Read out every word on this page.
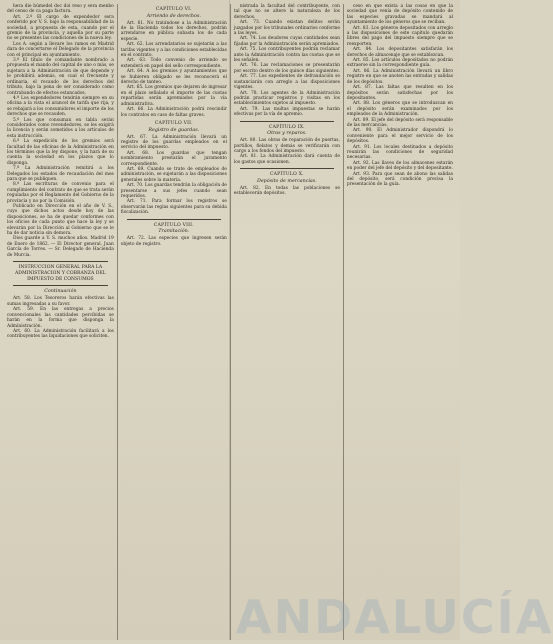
hera die búmedel doc doi reso y sera menbo del censo de ca paga factura.

Art. 2.º El cargo de expendedor sera conferido por V. S. bajo la responsabilidad de la sociedad, a propuesta de esta, cuando por el gremio de la provincia, y aquella por su parte no se presentes las condiciones de la nueva ley.

Los A. según a llevare los ramos en Madrid dara de concertarse el Delegado de la provincia con el principal en ayuntamiento.

3.º El título de comandante nombrado a propuesta el mando del capital de uno o más, se sujetara a la Administración de que depende y le prohibirá además, en cual el frecuente y ordinaria, el recaudo de los derechos del tributo, bajo la pena de ser considerado como contrabando de efectos estancados.

4.º Los expendedores tendrán siempre en su oficina a la vista el arancel de tarifa que rija, y se rebajará a los consumidores el importe de los derechos que se recauden.

5.º Los que consuman en tabla serán considerados como revendedores, se les exigirá la licencia y serán sometidos a los artículos de esta instrucción.

6.º La expedición de los gremios será facultad de las oficinas de la Administración en los términos que la ley dispone, y la hará de su cuenta la sociedad en los plazos que lo disponga.

7.º La Administración remitirá a los Delegados los estados de recaudación del mes para que se publiquen.

8.º Las escrituras de convenio para el cumplimiento del contrato de que se trata serán reguladas por el Reglamento del Gobierno de la provincia y no por la Comisión.

Publicado en Dirección en el año de V. S., cuyo que dichos actos desde hoy de las disposiciones, se ha de quedar conformes con los oficios de cada punto que hace la ley y se elevarán por la Dirección al Gobierno que se le ha de dar noticia sin demora.

Dios guarde a V. S. muchos años. Madrid 19 de Enero de 1862. — El Director general, Juan García de Torres. — Sr. Delegado de Hacienda de Murcia.

INSTRUCCION GENERAL PARA LA ADMINISTRACION Y COBRANZA DEL IMPUESTO DE CONSUMOS
Continuación

Art. 58. Los Tesoreros harán efectivas las sumas ingresadas a su favor.

Art. 59. En las entregas a precios convencionales las cantidades percibidas se harán en la forma que disponga la Administración.

Art. 60. La Administración facilitará a los contribuyentes las liquidaciones que soliciten.

CAPÍTULO VI.
Arriendo de derechos.

Art. 61. No tratándose a la Administración de la Hacienda todos los derechos, podrán arrendarse en pública subasta los de cada especie.

Art. 62. Los arrendatarios se sujetarán a las tarifas vigentes y a las condiciones establecidas en el contrato.

Art. 63. Todo convenio de arriendo se extenderá en papel del sello correspondiente.

Art. 64. A los gremios y ayuntamientos que se hubieren obligado se les reconocerá el derecho de tanteo.

Art. 65. Los gremios que dejaren de ingresar en el plazo señalado el importe de las cuotas repartidas serán apremiados por la vía administrativa.

Art. 66. La Administración podrá rescindir los contratos en caso de faltas graves.

CAPÍTULO VII.
Registro de guardas.

Art. 67. La Administración llevará un registro de los guardas empleados en el servicio del impuesto.

Art. 68. Los guardas que tengan nombramiento prestarán el juramento correspondiente.

Art. 69. Cuando se trate de empleados de administración, se sujetarán a las disposiciones generales sobre la materia.

Art. 70. Los guardas tendrán la obligación de presentarse a sus jefes cuando sean requeridos.

Art. 71. Para formar los registros se observarán las reglas siguientes para su debida fiscalización.

CAPÍTULO VIII.
Tramitación.

Art. 72. Las especies que ingresen serán objeto de registro.

nistrada la facultad del contribuyente, con tal que no se altere la naturaleza de los derechos.

Art. 73. Cuando existan delitos serán juzgados por los tribunales ordinarios conforme a las leyes.

Art. 74. Los deudores cuyas cantidades sean fijadas por la Administración serán apremiados.

Art. 75. Los contribuyentes podrán reclamar ante la Administración contra las cuotas que se les señalen.

Art. 76. Las reclamaciones se presentarán por escrito dentro de los quince días siguientes.

Art. 77. Los expedientes de defraudación se sustanciarán con arreglo a las disposiciones vigentes.

Art. 78. Los agentes de la Administración podrán practicar registros y visitas en los establecimientos sujetos al impuesto.

Art. 79. Las multas impuestas se harán efectivas por la vía de apremio.

CAPÍTULO IX.
Otras y reparos.

Art. 80. Las obras de reparación de puertas, portillos, fielatos y demás se verificarán con cargo a los fondos del impuesto.

Art. 81. La Administración dará cuenta de los gastos que ocasionen.

CAPÍTULO X.
Depósito de mercancías.

Art. 82. En todas las poblaciones se establecerán depósitos.

ceso en que exista a las cosas en que la sociedad que venía de depósito contenido de las especies gravadas se mandará al ayuntamiento de los géneros que se reciban.

Art. 83. Los géneros depositados con arreglo a las disposiciones de este capítulo quedarán libres del pago del impuesto siempre que se reexporten.

Art. 84. Los depositantes satisfarán los derechos de almacenaje que se establezcan.

Art. 85. Los artículos depositados no podrán extraerse sin la correspondiente guía.

Art. 86. La Administración llevará un libro registro en que se anoten las entradas y salidas de los depósitos.

Art. 87. Las faltas que resulten en los depósitos serán satisfechas por los depositantes.

Art. 88. Los géneros que se introduzcan en el depósito serán examinados por los empleados de la Administración.

Art. 89. El jefe del depósito será responsable de las mercancías.

Art. 90. El Administrador dispondrá lo conveniente para el mejor servicio de los depósitos.

Art. 91. Los locales destinados a depósito reunirán las condiciones de seguridad necesarias.

Art. 92. Las llaves de los almacenes estarán en poder del jefe del depósito y del depositante.

Art. 93. Para que sean de abono las salidas del depósito, será condición precisa la presentación de la guía.

ANDALUCÍA
